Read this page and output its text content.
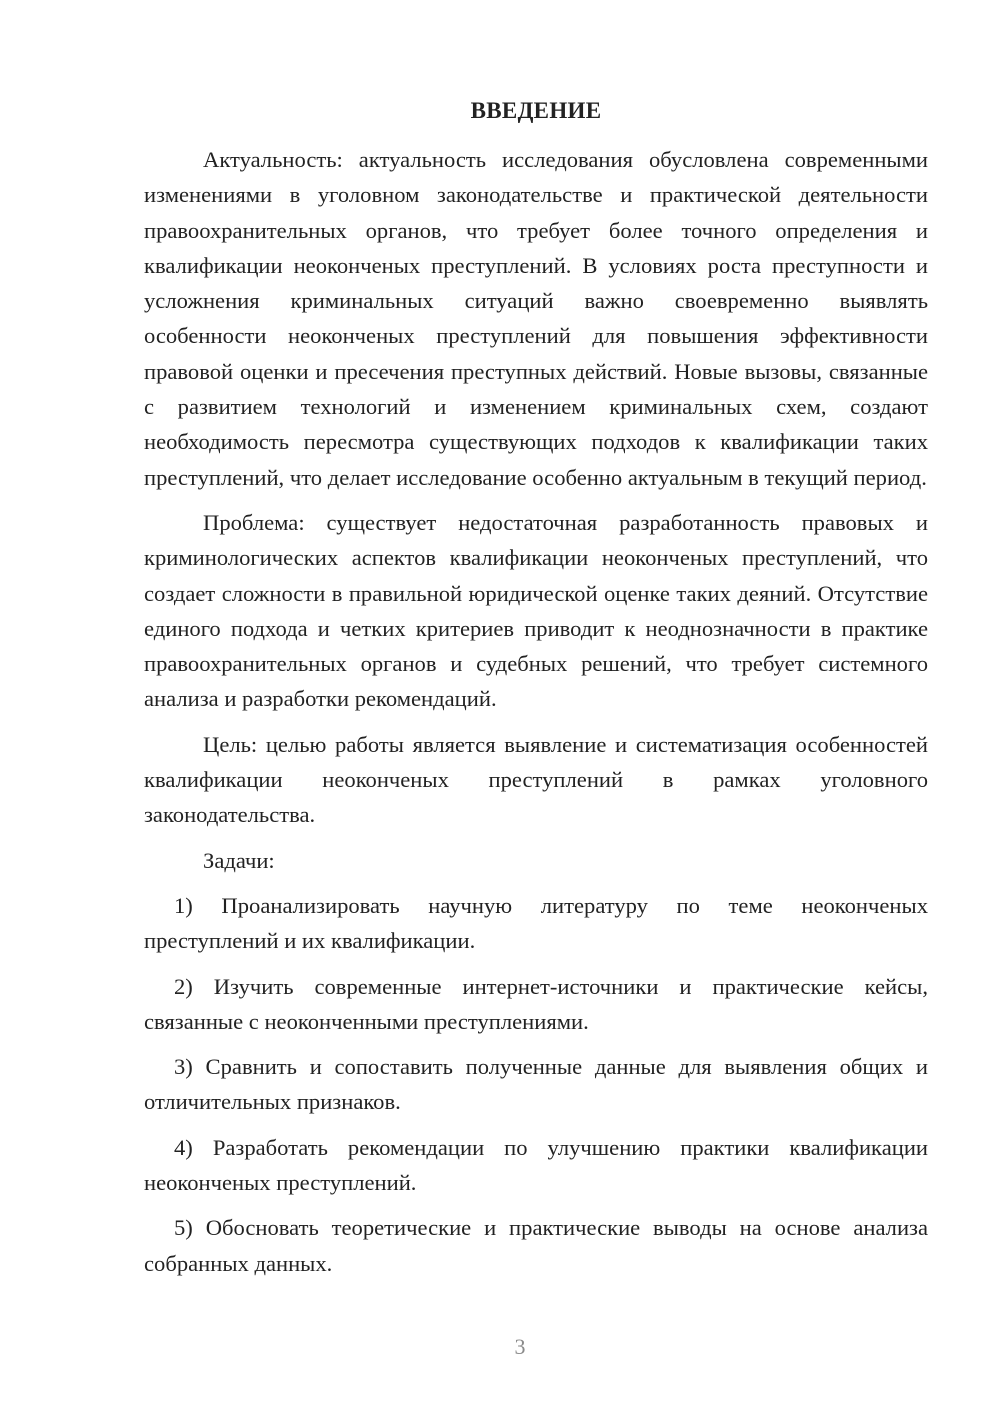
ВВЕДЕНИЕ

Актуальность: актуальность исследования обусловлена современными изменениями в уголовном законодательстве и практической деятельности правоохранительных органов, что требует более точного определения и квалификации неоконченых преступлений. В условиях роста преступности и усложнения криминальных ситуаций важно своевременно выявлять особенности неоконченых преступлений для повышения эффективности правовой оценки и пресечения преступных действий. Новые вызовы, связанные с развитием технологий и изменением криминальных схем, создают необходимость пересмотра существующих подходов к квалификации таких преступлений, что делает исследование особенно актуальным в текущий период.

Проблема: существует недостаточная разработанность правовых и криминологических аспектов квалификации неоконченых преступлений, что создает сложности в правильной юридической оценке таких деяний. Отсутствие единого подхода и четких критериев приводит к неоднозначности в практике правоохранительных органов и судебных решений, что требует системного анализа и разработки рекомендаций.

Цель: целью работы является выявление и систематизация особенностей квалификации неоконченых преступлений в рамках уголовного законодательства.

Задачи:

1) Проанализировать научную литературу по теме неоконченых преступлений и их квалификации.

2) Изучить современные интернет-источники и практические кейсы, связанные с неоконченными преступлениями.

3) Сравнить и сопоставить полученные данные для выявления общих и отличительных признаков.

4) Разработать рекомендации по улучшению практики квалификации неоконченых преступлений.

5) Обосновать теоретические и практические выводы на основе анализа собранных данных.

3
